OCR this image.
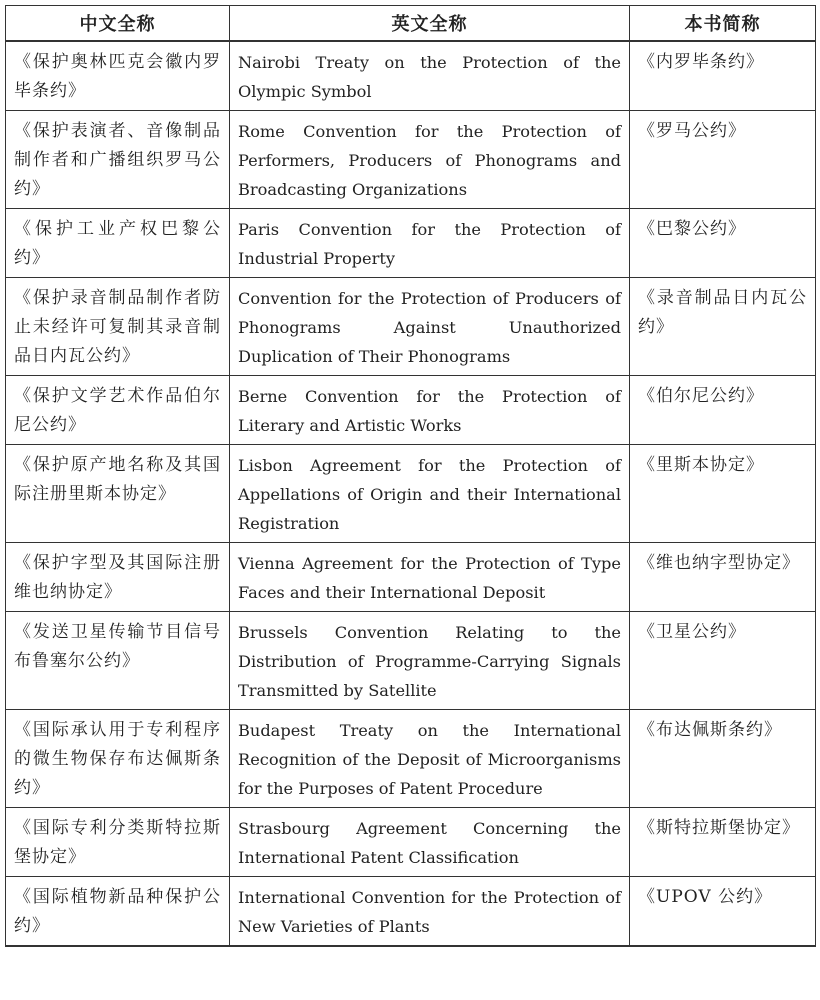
中文全称	英文全称	本书简称
《保护奥林匹克会徽内罗毕条约》	Nairobi Treaty on the Protection of the Olympic Symbol	《内罗毕条约》
《保护表演者、音像制品制作者和广播组织罗马公约》	Rome Convention for the Protection of Performers, Producers of Phonograms and Broadcasting Organizations	《罗马公约》
《保护工业产权巴黎公约》	Paris Convention for the Protection of Industrial Property	《巴黎公约》
《保护录音制品制作者防止未经许可复制其录音制品日内瓦公约》	Convention for the Protection of Producers of Phonograms Against Unauthorized Duplication of Their Phonograms	《录音制品日内瓦公约》
《保护文学艺术作品伯尔尼公约》	Berne Convention for the Protection of Literary and Artistic Works	《伯尔尼公约》
《保护原产地名称及其国际注册里斯本协定》	Lisbon Agreement for the Protection of Appellations of Origin and their International Registration	《里斯本协定》
《保护字型及其国际注册维也纳协定》	Vienna Agreement for the Protection of Type Faces and their International Deposit	《维也纳字型协定》
《发送卫星传输节目信号布鲁塞尔公约》	Brussels Convention Relating to the Distribution of Programme-Carrying Signals Transmitted by Satellite	《卫星公约》
《国际承认用于专利程序的微生物保存布达佩斯条约》	Budapest Treaty on the International Recognition of the Deposit of Microorganisms for the Purposes of Patent Procedure	《布达佩斯条约》
《国际专利分类斯特拉斯堡协定》	Strasbourg Agreement Concerning the International Patent Classification	《斯特拉斯堡协定》
《国际植物新品种保护公约》	International Convention for the Protection of New Varieties of Plants	《UPOV 公约》
